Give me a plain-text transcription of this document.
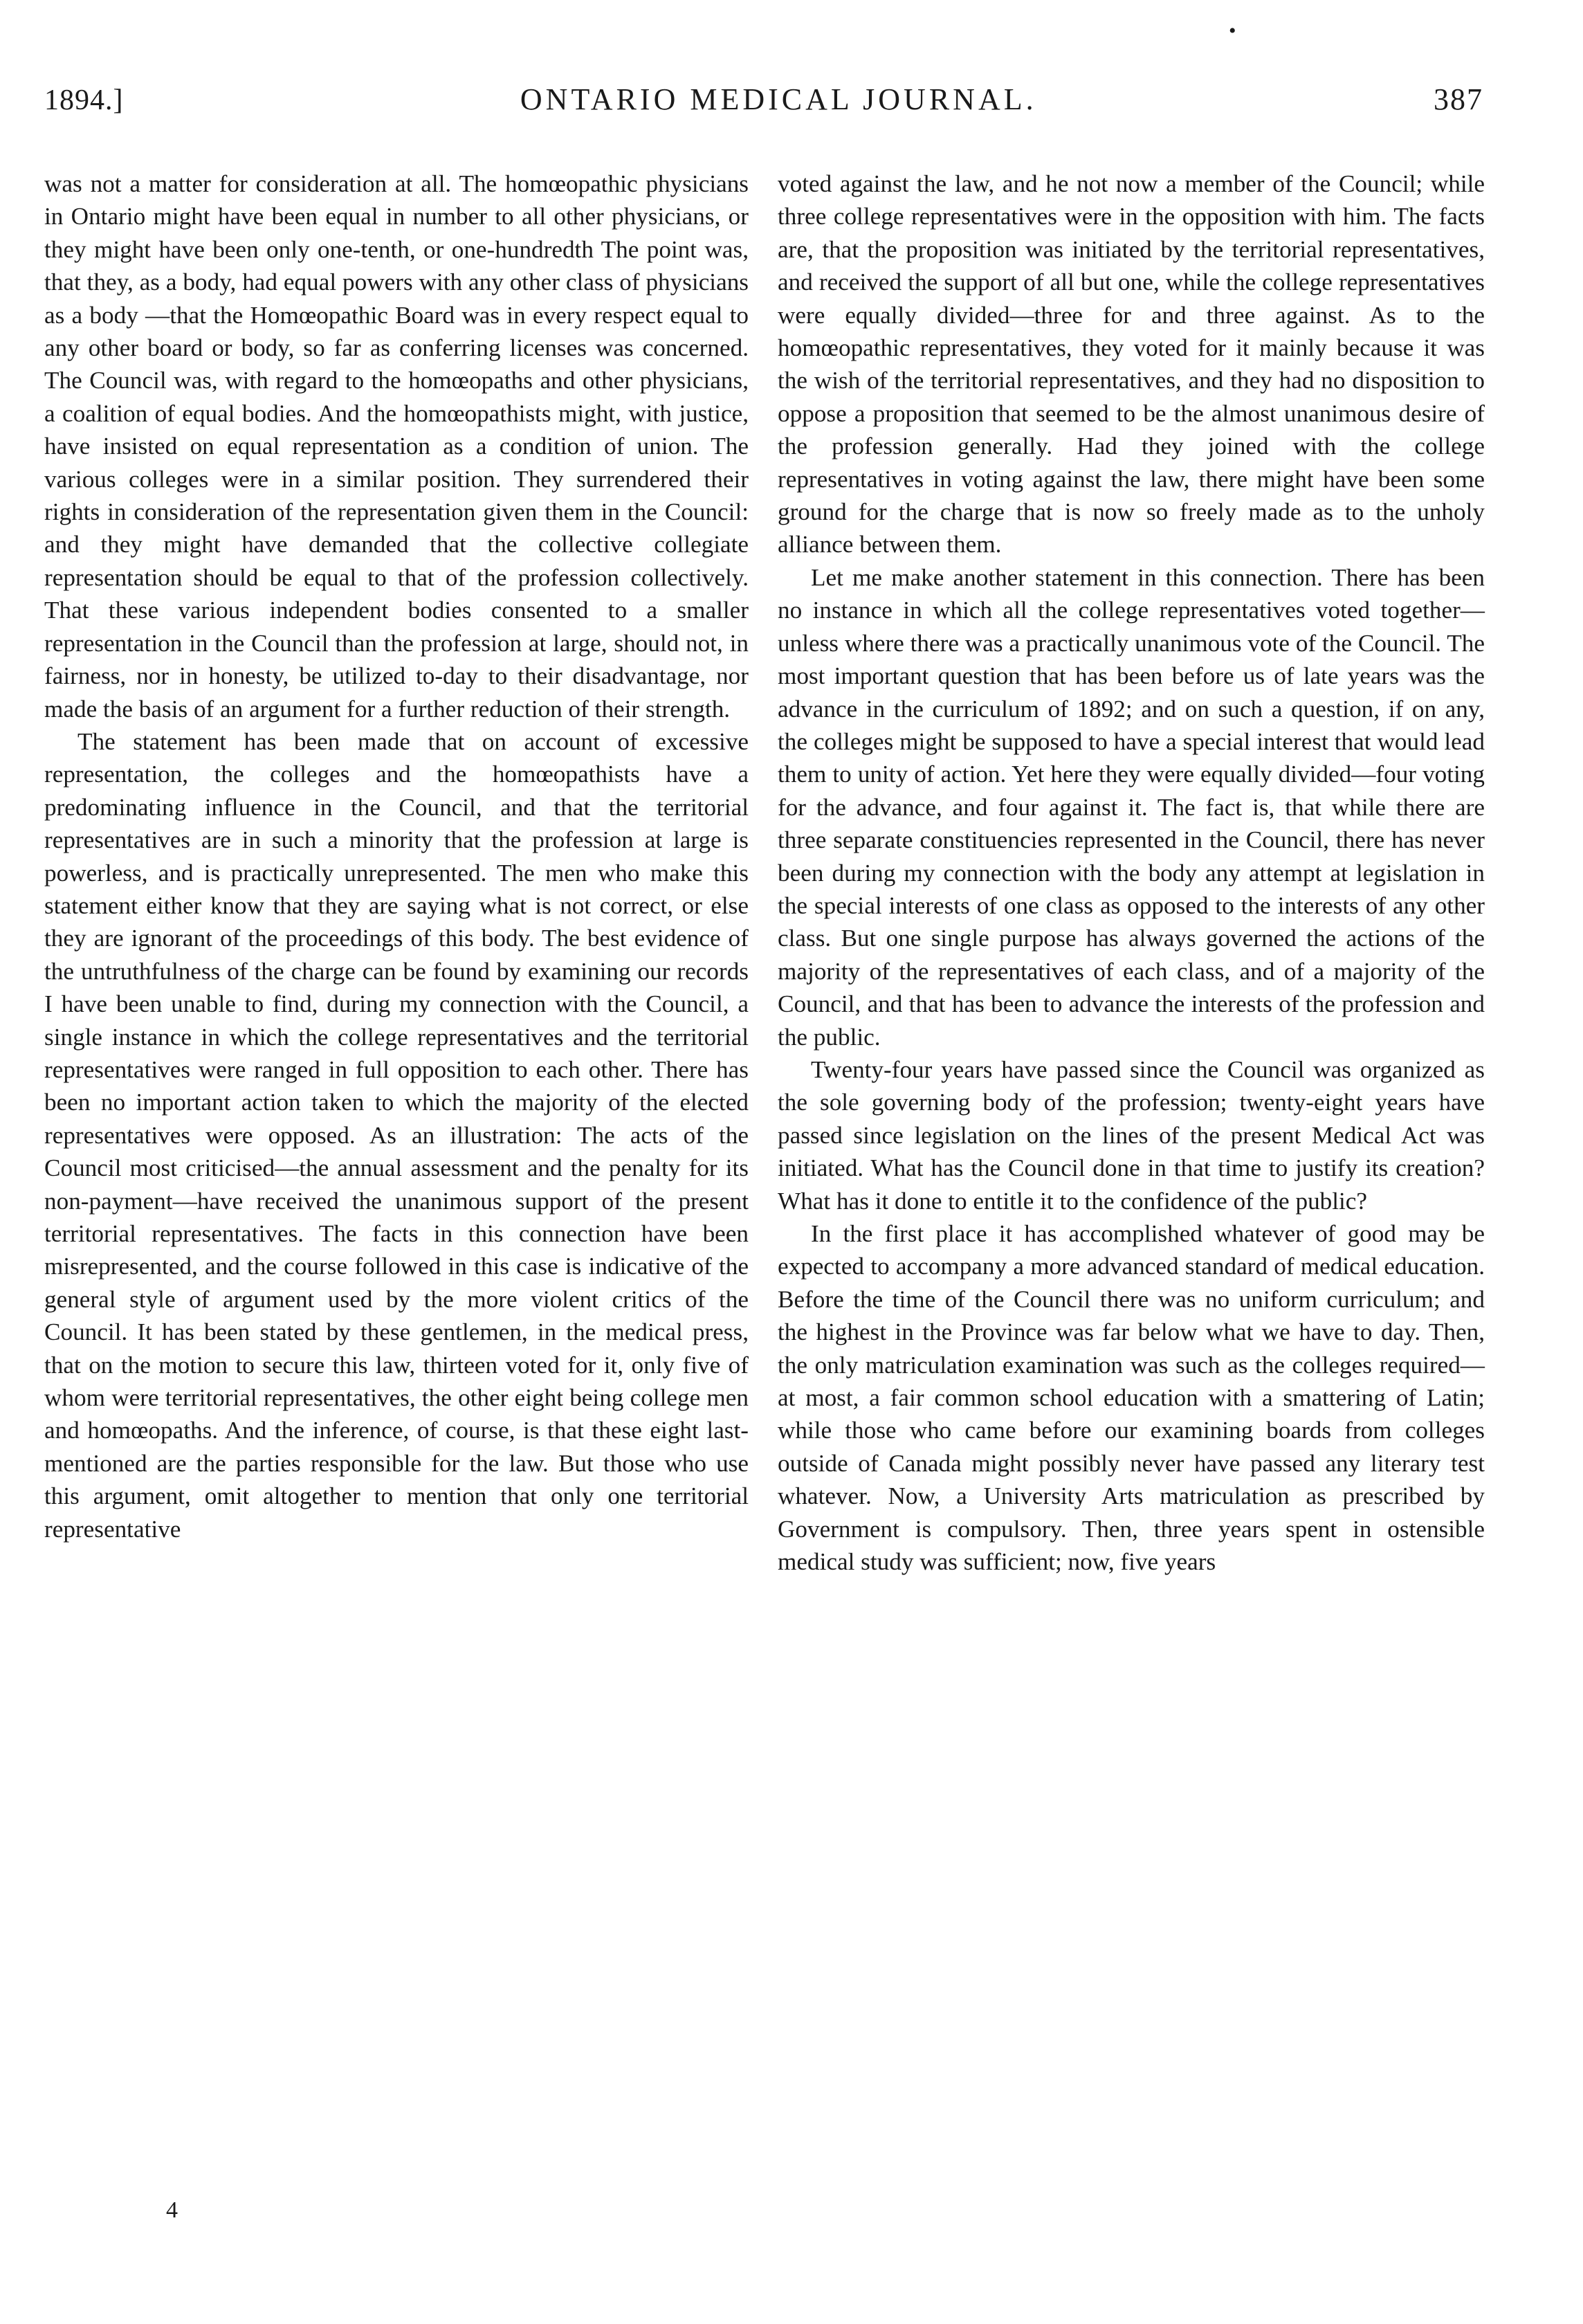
•
1894.]	ONTARIO MEDICAL JOURNAL.	387

was not a matter for consideration at all. The homœopathic physicians in Ontario might have been equal in number to all other physicians, or they might have been only one-tenth, or one-hundredth The point was, that they, as a body, had equal powers with any other class of physicians as a body —that the Homœopathic Board was in every respect equal to any other board or body, so far as conferring licenses was concerned. The Council was, with regard to the homœopaths and other physicians, a coalition of equal bodies. And the homœopathists might, with justice, have insisted on equal representation as a condition of union. The various colleges were in a similar position. They surrendered their rights in consideration of the representation given them in the Council: and they might have demanded that the collective collegiate representation should be equal to that of the profession collectively. That these various independent bodies consented to a smaller representation in the Council than the profession at large, should not, in fairness, nor in honesty, be utilized to-day to their disadvantage, nor made the basis of an argument for a further reduction of their strength.

The statement has been made that on account of excessive representation, the colleges and the homœopathists have a predominating influence in the Council, and that the territorial representatives are in such a minority that the profession at large is powerless, and is practically unrepresented. The men who make this statement either know that they are saying what is not correct, or else they are ignorant of the proceedings of this body. The best evidence of the untruthfulness of the charge can be found by examining our records I have been unable to find, during my connection with the Council, a single instance in which the college representatives and the territorial representatives were ranged in full opposition to each other. There has been no important action taken to which the majority of the elected representatives were opposed. As an illustration: The acts of the Council most criticised—the annual assessment and the penalty for its non-payment—have received the unanimous support of the present territorial representatives. The facts in this connection have been misrepresented, and the course followed in this case is indicative of the general style of argument used by the more violent critics of the Council. It has been stated by these gentlemen, in the medical press, that on the motion to secure this law, thirteen voted for it, only five of whom were territorial representatives, the other eight being college men and homœopaths. And the inference, of course, is that these eight last-mentioned are the parties responsible for the law. But those who use this argument, omit altogether to mention that only one territorial representative

voted against the law, and he not now a member of the Council; while three college representatives were in the opposition with him. The facts are, that the proposition was initiated by the territorial representatives, and received the support of all but one, while the college representatives were equally divided—three for and three against. As to the homœopathic representatives, they voted for it mainly because it was the wish of the territorial representatives, and they had no disposition to oppose a proposition that seemed to be the almost unanimous desire of the profession generally. Had they joined with the college representatives in voting against the law, there might have been some ground for the charge that is now so freely made as to the unholy alliance between them.

Let me make another statement in this connection. There has been no instance in which all the college representatives voted together—unless where there was a practically unanimous vote of the Council. The most important question that has been before us of late years was the advance in the curriculum of 1892; and on such a question, if on any, the colleges might be supposed to have a special interest that would lead them to unity of action. Yet here they were equally divided—four voting for the advance, and four against it. The fact is, that while there are three separate constituencies represented in the Council, there has never been during my connection with the body any attempt at legislation in the special interests of one class as opposed to the interests of any other class. But one single purpose has always governed the actions of the majority of the representatives of each class, and of a majority of the Council, and that has been to advance the interests of the profession and the public.

Twenty-four years have passed since the Council was organized as the sole governing body of the profession; twenty-eight years have passed since legislation on the lines of the present Medical Act was initiated. What has the Council done in that time to justify its creation? What has it done to entitle it to the confidence of the public?

In the first place it has accomplished whatever of good may be expected to accompany a more advanced standard of medical education. Before the time of the Council there was no uniform curriculum; and the highest in the Province was far below what we have to day. Then, the only matriculation examination was such as the colleges required—at most, a fair common school education with a smattering of Latin; while those who came before our examining boards from colleges outside of Canada might possibly never have passed any literary test whatever. Now, a University Arts matriculation as prescribed by Government is compulsory. Then, three years spent in ostensible medical study was sufficient; now, five years

4
